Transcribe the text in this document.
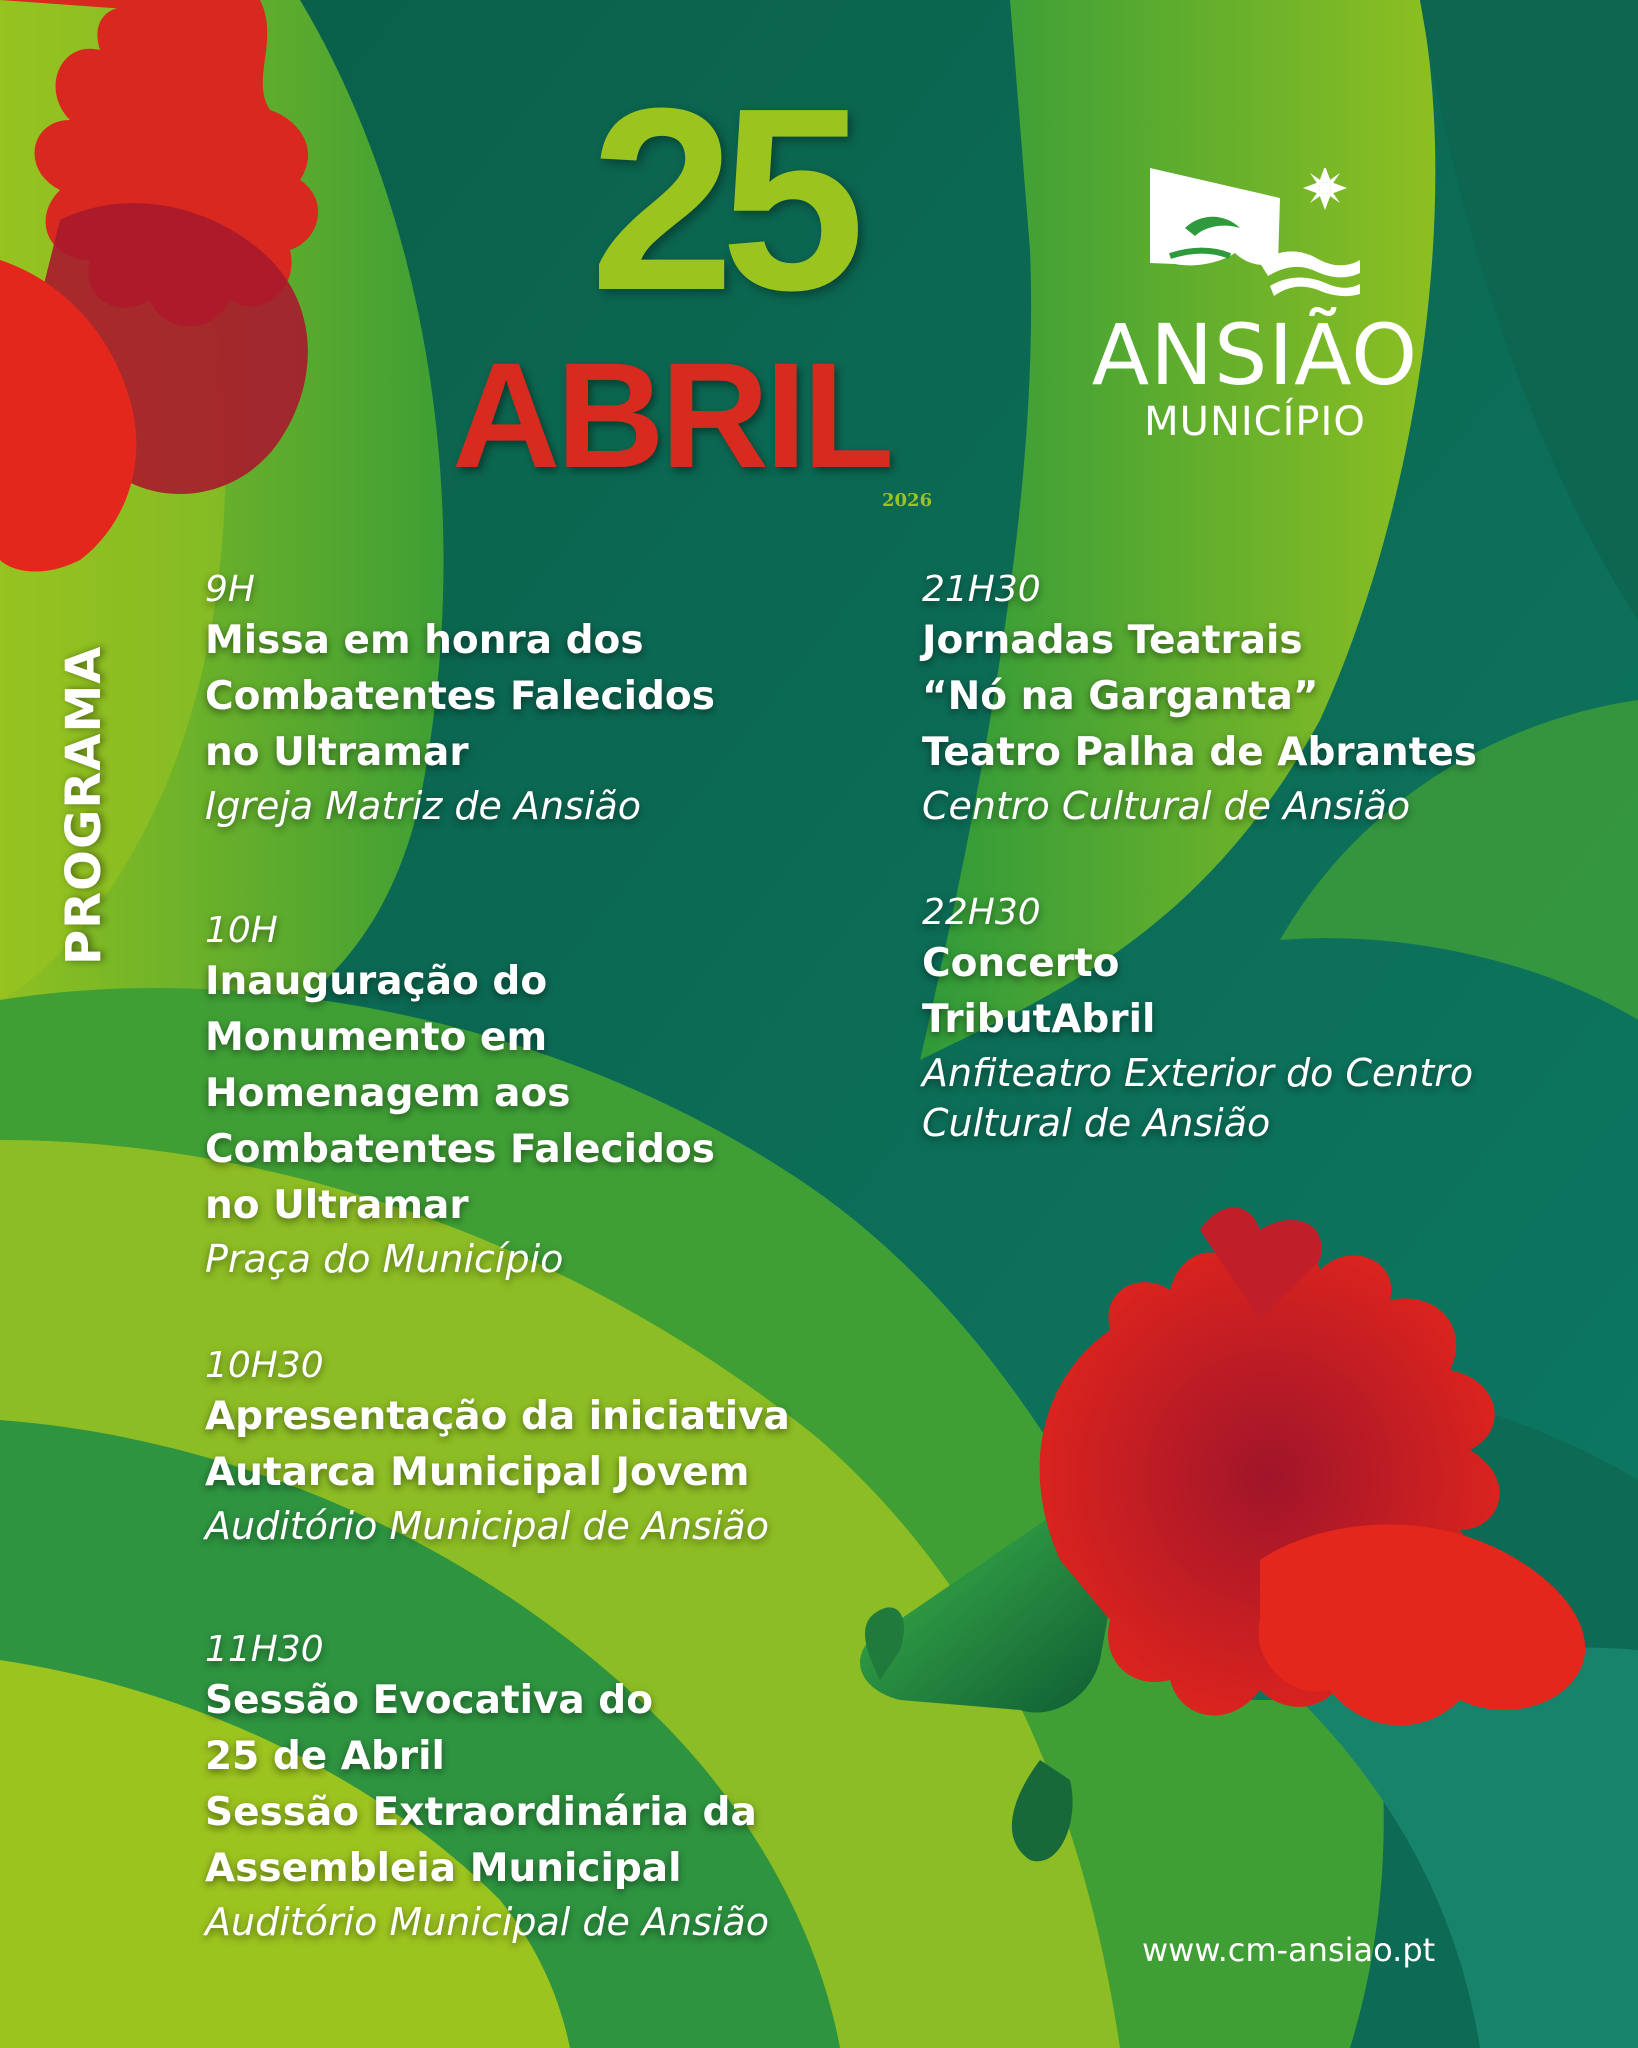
25
ABRIL
2026
ANSIÃO
MUNICÍPIO
PROGRAMA
9H
Missa em honra dos
Combatentes Falecidos
no Ultramar
Igreja Matriz de Ansião
10H
Inauguração do
Monumento em
Homenagem aos
Combatentes Falecidos
no Ultramar
Praça do Município
10H30
Apresentação da iniciativa
Autarca Municipal Jovem
Auditório Municipal de Ansião
11H30
Sessão Evocativa do
25 de Abril
Sessão Extraordinária da
Assembleia Municipal
Auditório Municipal de Ansião
21H30
Jornadas Teatrais
“Nó na Garganta”
Teatro Palha de Abrantes
Centro Cultural de Ansião
22H30
Concerto
TributAbril
Anfiteatro Exterior do Centro
Cultural de Ansião
www.cm-ansiao.pt
